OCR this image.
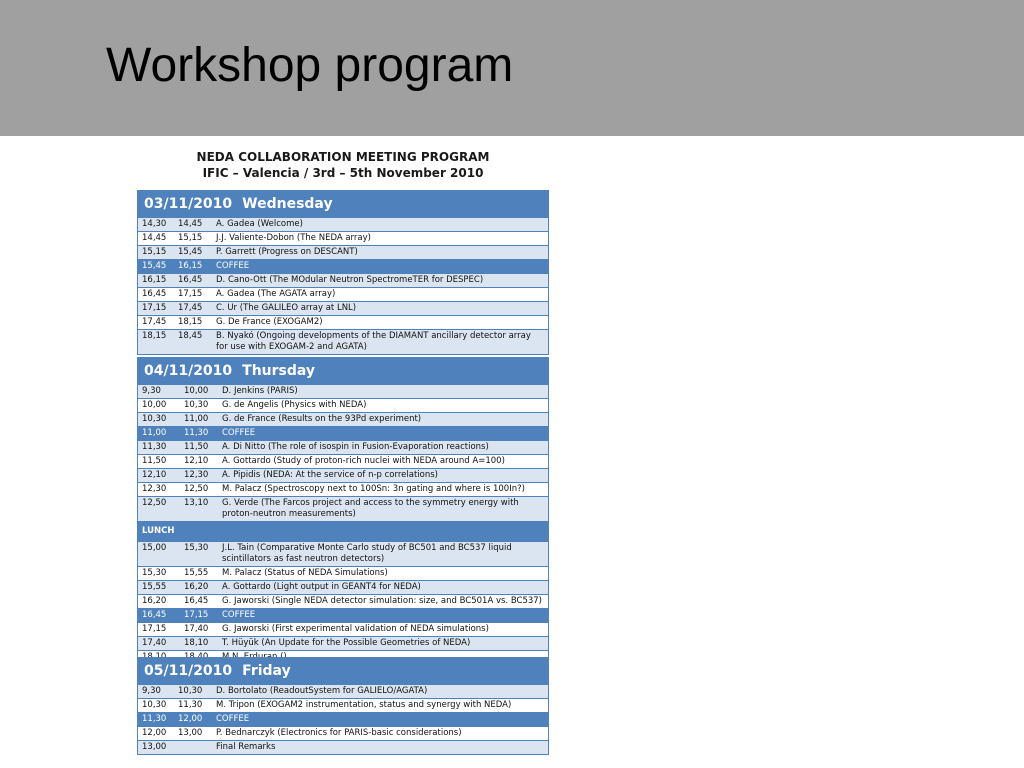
Workshop program
NEDA COLLABORATION MEETING PROGRAM
IFIC – Valencia / 3rd – 5th November 2010
03/11/2010 Wednesday
14,30	14,45	A. Gadea (Welcome)
14,45	15,15	J.J. Valiente-Dobon (The NEDA array)
15,15	15,45	P. Garrett (Progress on DESCANT)
15,45	16,15	COFFEE
16,15	16,45	D. Cano-Ott (The MOdular Neutron SpectromeTER for DESPEC)
16,45	17,15	A. Gadea (The AGATA array)
17,15	17,45	C. Ur (The GALILEO array at LNL)
17,45	18,15	G. De France (EXOGAM2)
18,15	18,45	B. Nyakó (Ongoing developments of the DIAMANT ancillary detector array for use with EXOGAM-2 and AGATA)
04/11/2010 Thursday
9,30	10,00	D. Jenkins (PARIS)
10,00	10,30	G. de Angelis (Physics with NEDA)
10,30	11,00	G. de France (Results on the 93Pd experiment)
11,00	11,30	COFFEE
11,30	11,50	A. Di Nitto (The role of isospin in Fusion-Evaporation reactions)
11,50	12,10	A. Gottardo (Study of proton-rich nuclei with NEDA around A=100)
12,10	12,30	A. Pipidis (NEDA: At the service of n-p correlations)
12,30	12,50	M. Palacz (Spectroscopy next to 100Sn: 3n gating and where is 100In?)
12,50	13,10	G. Verde (The Farcos project and access to the symmetry energy with proton-neutron measurements)
LUNCH
15,00	15,30	J.L. Tain (Comparative Monte Carlo study of BC501 and BC537 liquid scintillators as fast neutron detectors)
15,30	15,55	M. Palacz (Status of NEDA Simulations)
15,55	16,20	A. Gottardo (Light output in GEANT4 for NEDA)
16,20	16,45	G. Jaworski (Single NEDA detector simulation: size, and BC501A vs. BC537)
16,45	17,15	COFFEE
17,15	17,40	G. Jaworski (First experimental validation of NEDA simulations)
17,40	18,10	T. Hüyük (An Update for the Possible Geometries of NEDA)
05/11/2010 Friday
9,30	10,30	D. Bortolato (ReadoutSystem for GALIELO/AGATA)
10,30	11,30	M. Tripon (EXOGAM2 instrumentation, status and synergy with NEDA)
11,30	12,00	COFFEE
12,00	13,00	P. Bednarczyk (Electronics for PARIS-basic considerations)
13,00	Final Remarks
